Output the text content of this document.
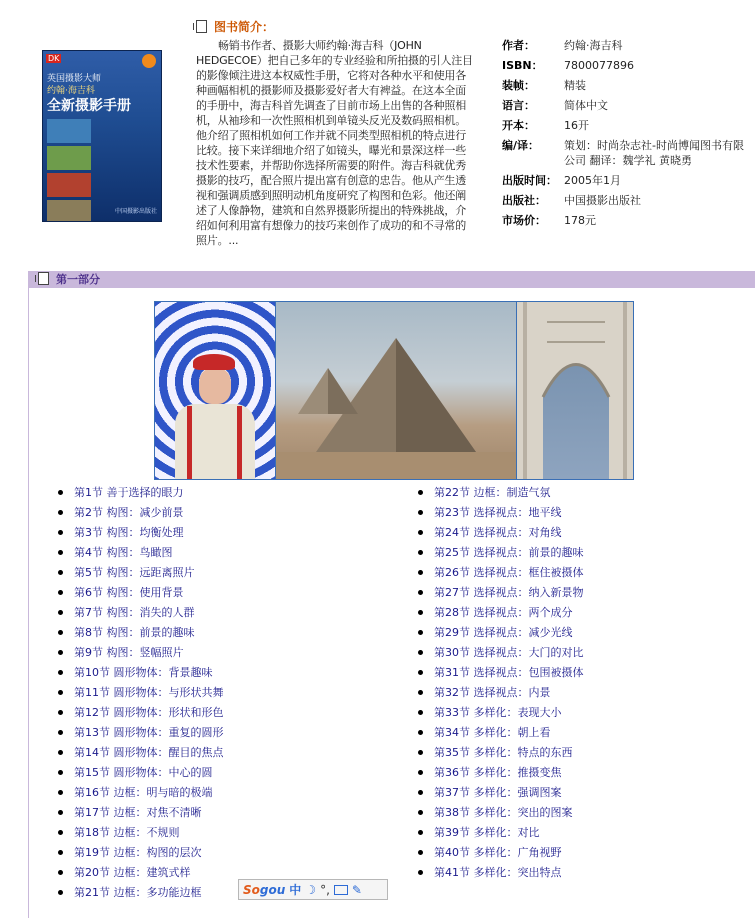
DK
英国摄影大师
约翰·海吉科
全新摄影手册
中国摄影出版社
图书简介：
畅销书作者、摄影大师约翰·海吉科（JOHN HEDGECOE）把自己多年的专业经验和所拍摄的引人注目的影像倾注进这本权威性手册，它将对各种水平和使用各种画幅相机的摄影师及摄影爱好者大有裨益。在这本全面的手册中，海吉科首先调查了目前市场上出售的各种照相机，从袖珍和一次性照相机到单镜头反光及数码照相机。他介绍了照相机如何工作并就不同类型照相机的特点进行比较。接下来详细地介绍了如镜头，曝光和景深这样一些技术性要素，并帮助你选择所需要的附件。海吉科就优秀摄影的技巧，配合照片提出富有创意的忠告。他从产生透视和强调质感到照明动机角度研究了构图和色彩。他还阐述了人像静物，建筑和自然界摄影所提出的特殊挑战，介绍如何利用富有想像力的技巧来创作了成功的和不寻常的照片。...
作者：	约翰·海吉科
ISBN：	7800077896
装帧：	精装
语言：	简体中文
开本：	16开
编/译：	策划：时尚杂志社-时尚博闻图书有限公司 翻译：魏学礼 黄晓勇
出版时间： 2005年1月
出版社：	中国摄影出版社
市场价：	178元
第一部分
第1节 善于选择的眼力
第2节 构图：减少前景
第3节 构图：均衡处理
第4节 构图：鸟瞰图
第5节 构图：远距离照片
第6节 构图：使用背景
第7节 构图：消失的人群
第8节 构图：前景的趣味
第9节 构图：竖幅照片
第10节 圆形物体：背景趣味
第11节 圆形物体：与形状共舞
第12节 圆形物体：形状和形色
第13节 圆形物体：重复的圆形
第14节 圆形物体：醒目的焦点
第15节 圆形物体：中心的圆
第16节 边框：明与暗的极端
第17节 边框：对焦不清晰
第18节 边框：不规则
第19节 边框：构图的层次
第20节 边框：建筑式样
第21节 边框：多功能边框
第22节 边框：制造气氛
第23节 选择视点：地平线
第24节 选择视点：对角线
第25节 选择视点：前景的趣味
第26节 选择视点：框住被摄体
第27节 选择视点：纳入新景物
第28节 选择视点：两个成分
第29节 选择视点：减少光线
第30节 选择视点：大门的对比
第31节 选择视点：包围被摄体
第32节 选择视点：内景
第33节 多样化：表现大小
第34节 多样化：朝上看
第35节 多样化：特点的东西
第36节 多样化：推摄变焦
第37节 多样化：强调图案
第38节 多样化：突出的图案
第39节 多样化：对比
第40节 多样化：广角视野
第41节 多样化：突出特点
Sogou 中 ☽ °, ✎
